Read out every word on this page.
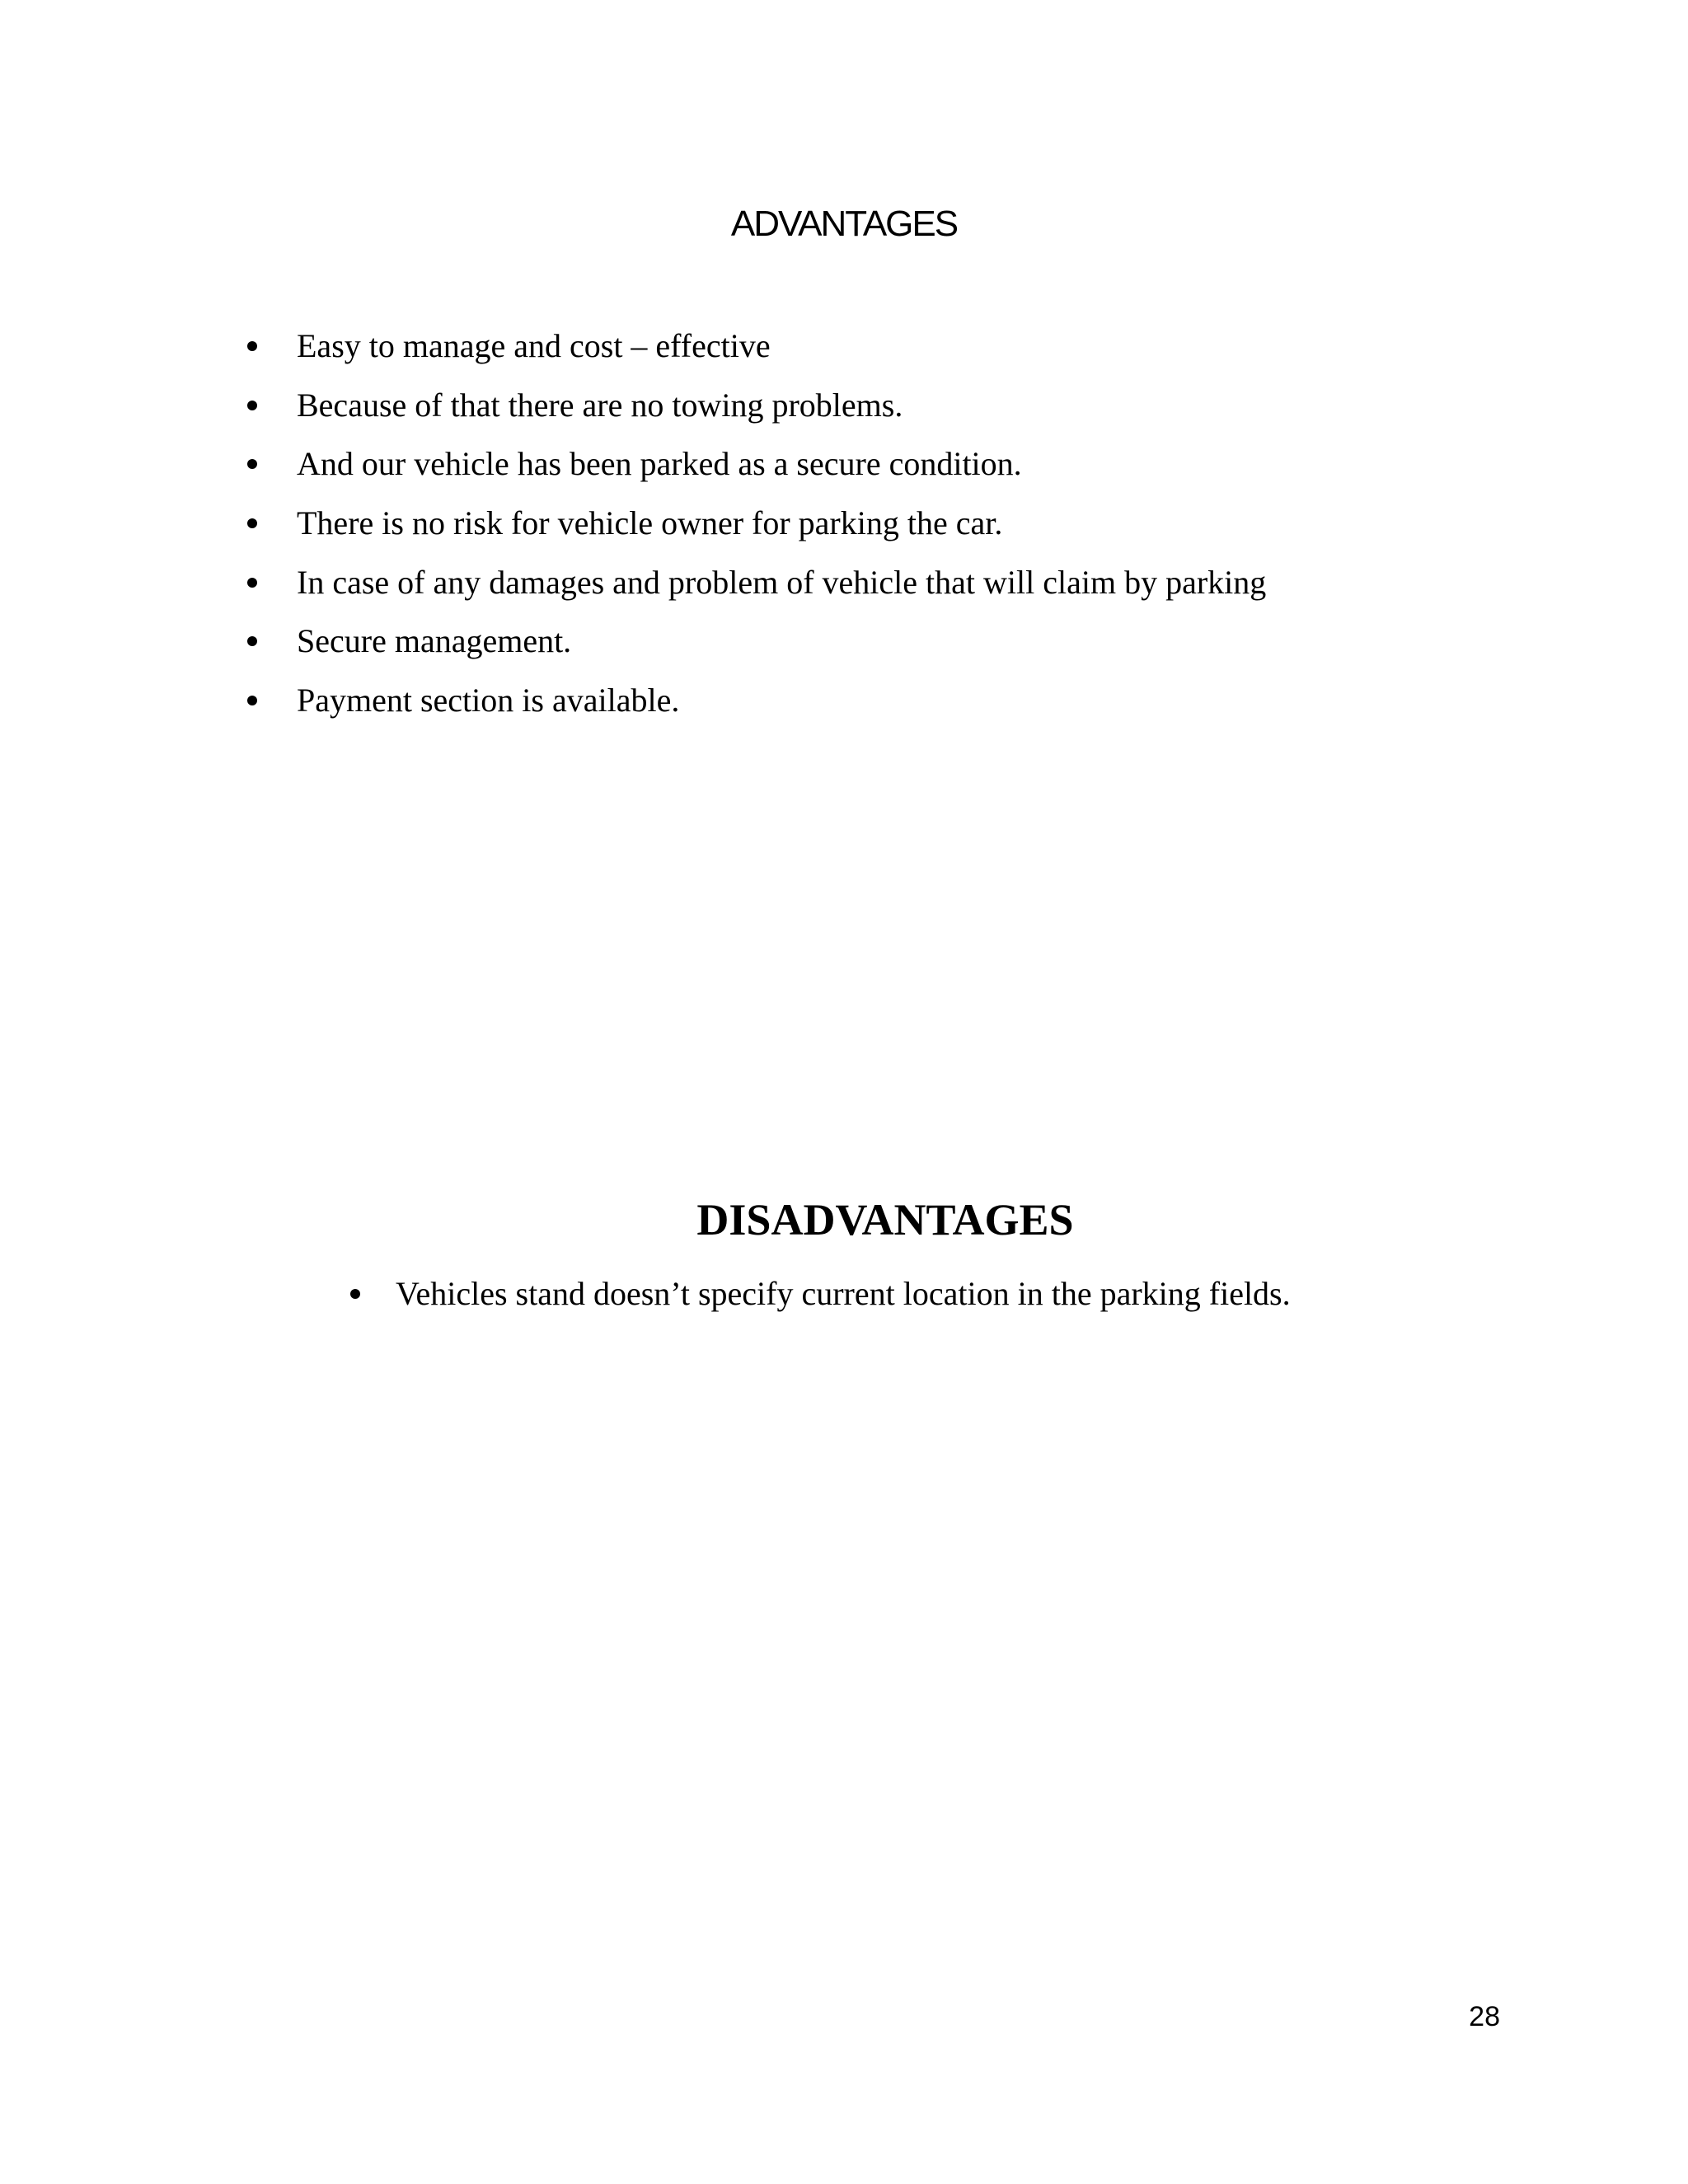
ADVANTAGES
Easy to manage and cost – effective
Because of that there are no towing problems.
And our vehicle has been parked as a secure condition.
There is no risk for vehicle owner for parking the car.
In case of any damages and problem of vehicle that will claim by parking
Secure management.
Payment section is available.
DISADVANTAGES
Vehicles stand doesn’t specify current location in the parking fields.
28
